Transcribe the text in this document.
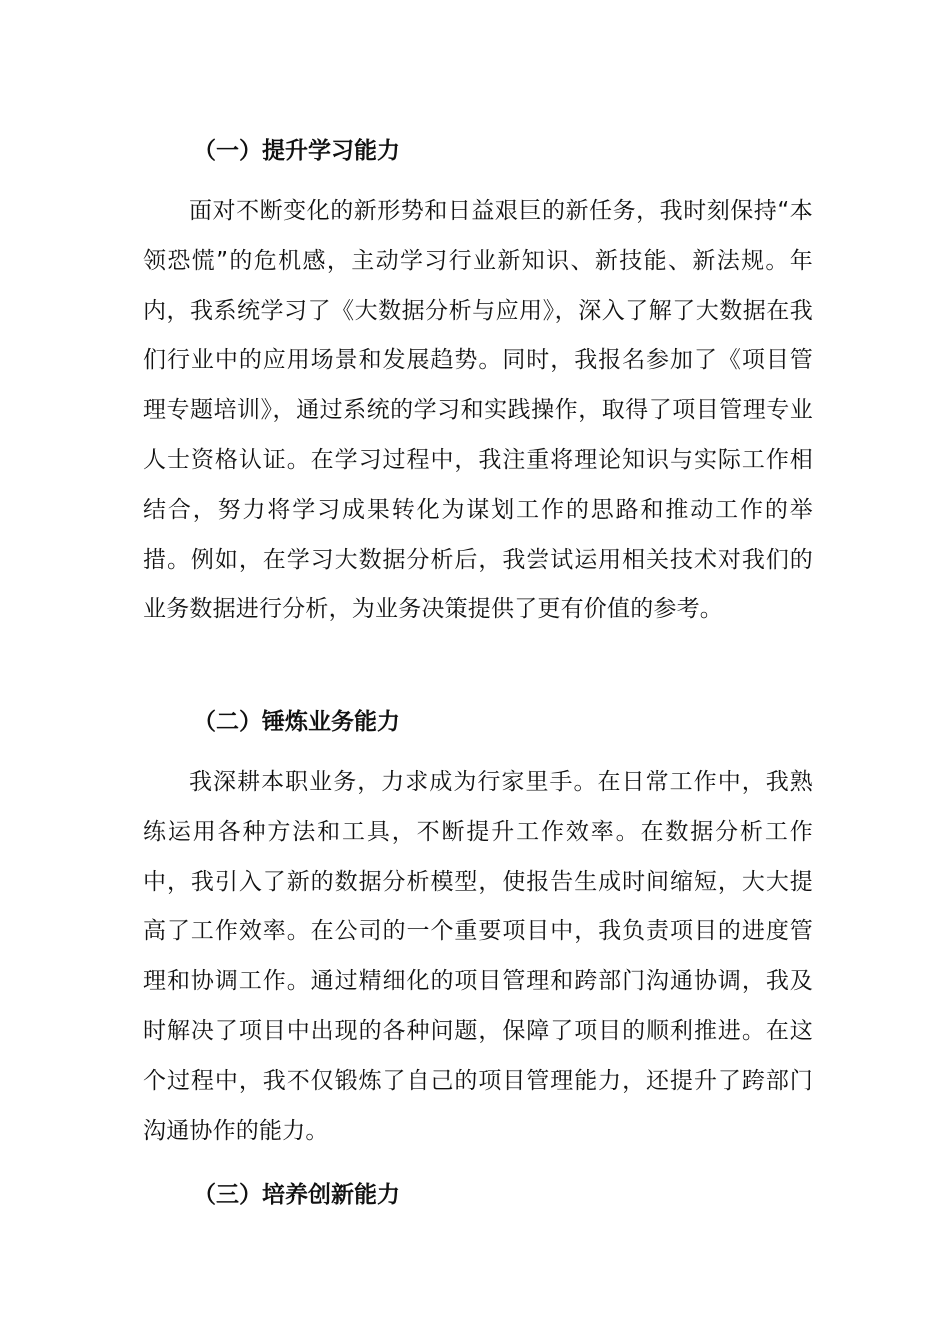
（一）提升学习能力
面对不断变化的新形势和日益艰巨的新任务，我时刻保持“本领恐慌”的危机感，主动学习行业新知识、新技能、新法规。年内，我系统学习了《大数据分析与应用》，深入了解了大数据在我们行业中的应用场景和发展趋势。同时，我报名参加了《项目管理专题培训》，通过系统的学习和实践操作，取得了项目管理专业人士资格认证。在学习过程中，我注重将理论知识与实际工作相结合，努力将学习成果转化为谋划工作的思路和推动工作的举措。例如，在学习大数据分析后，我尝试运用相关技术对我们的业务数据进行分析，为业务决策提供了更有价值的参考。
（二）锤炼业务能力
我深耕本职业务，力求成为行家里手。在日常工作中，我熟练运用各种方法和工具，不断提升工作效率。在数据分析工作中，我引入了新的数据分析模型，使报告生成时间缩短，大大提高了工作效率。在公司的一个重要项目中，我负责项目的进度管理和协调工作。通过精细化的项目管理和跨部门沟通协调，我及时解决了项目中出现的各种问题，保障了项目的顺利推进。在这个过程中，我不仅锻炼了自己的项目管理能力，还提升了跨部门沟通协作的能力。
（三）培养创新能力
